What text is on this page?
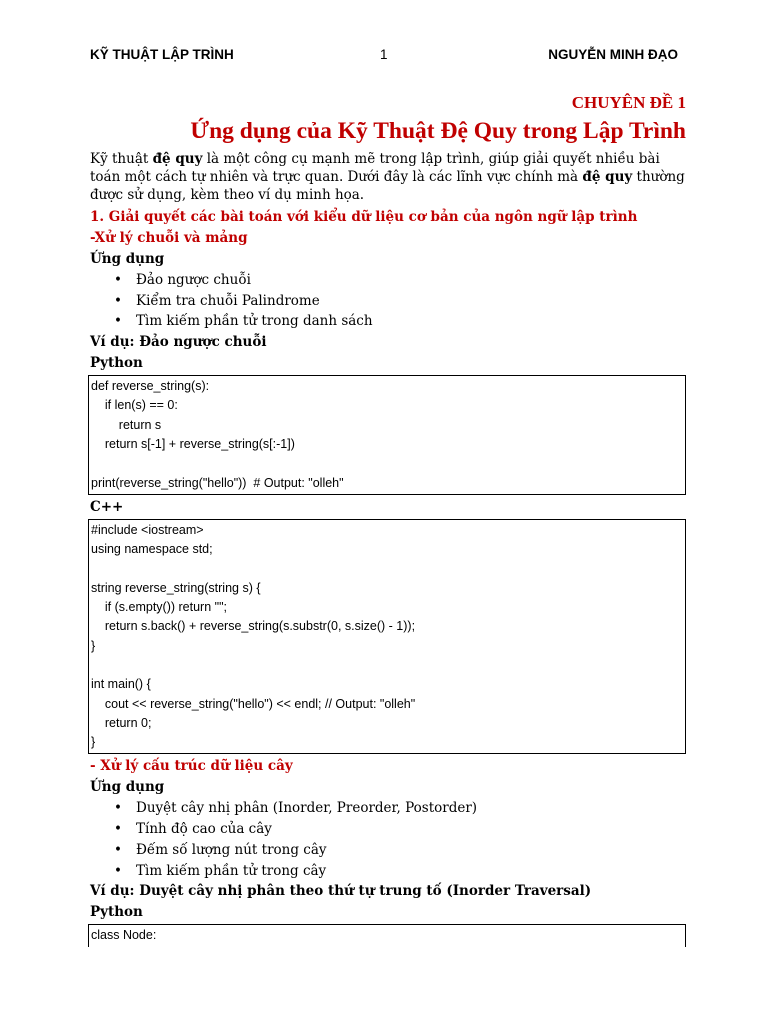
KỸ THUẬT LẬP TRÌNH	1	NGUYỄN MINH ĐẠO

CHUYÊN ĐỀ 1

Ứng dụng của Kỹ Thuật Đệ Quy trong Lập Trình

Kỹ thuật đệ quy là một công cụ mạnh mẽ trong lập trình, giúp giải quyết nhiều bài toán một cách tự nhiên và trực quan. Dưới đây là các lĩnh vực chính mà đệ quy thường được sử dụng, kèm theo ví dụ minh họa.

1. Giải quyết các bài toán với kiểu dữ liệu cơ bản của ngôn ngữ lập trình

-Xử lý chuỗi và mảng

Ứng dụng

• Đảo ngược chuỗi
• Kiểm tra chuỗi Palindrome
• Tìm kiếm phần tử trong danh sách

Ví dụ: Đảo ngược chuỗi

Python

def reverse_string(s):
if len(s) == 0:
return s
return s[-1] + reverse_string(s[:-1])
print(reverse_string("hello"))  # Output: "olleh"

C++

#include <iostream>
using namespace std;
string reverse_string(string s) {
if (s.empty()) return "";
return s.back() + reverse_string(s.substr(0, s.size() - 1));
}
int main() {
cout << reverse_string("hello") << endl; // Output: "olleh"
return 0;
}

- Xử lý cấu trúc dữ liệu cây

Ứng dụng

• Duyệt cây nhị phân (Inorder, Preorder, Postorder)
• Tính độ cao của cây
• Đếm số lượng nút trong cây
• Tìm kiếm phần tử trong cây

Ví dụ: Duyệt cây nhị phân theo thứ tự trung tố (Inorder Traversal)

Python

class Node:
